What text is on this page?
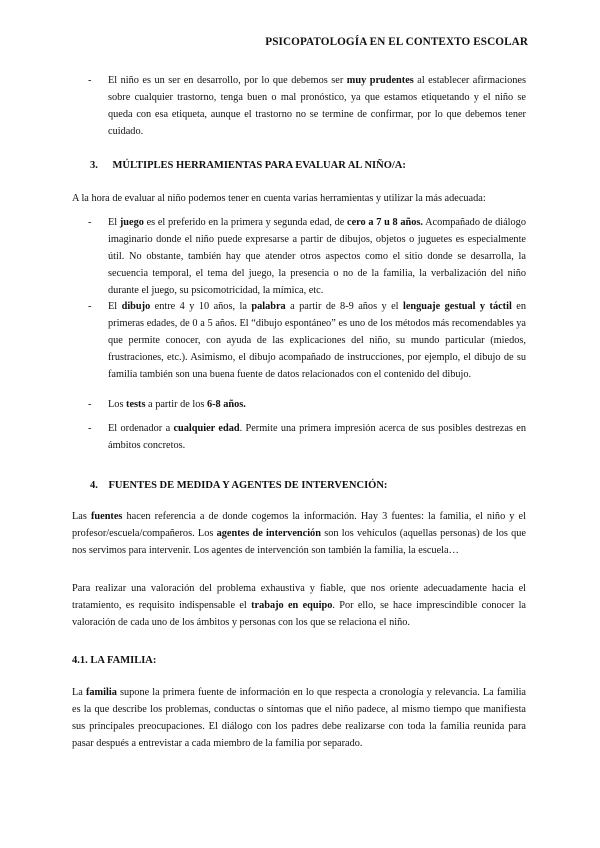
PSICOPATOLOGÍA EN EL CONTEXTO ESCOLAR
- El niño es un ser en desarrollo, por lo que debemos ser muy prudentes al establecer afirmaciones sobre cualquier trastorno, tenga buen o mal pronóstico, ya que estamos etiquetando y el niño se queda con esa etiqueta, aunque el trastorno no se termine de confirmar, por lo que debemos tener cuidado.
3. MÚLTIPLES HERRAMIENTAS PARA EVALUAR AL NIÑO/A:
A la hora de evaluar al niño podemos tener en cuenta varias herramientas y utilizar la más adecuada:
- El juego es el preferido en la primera y segunda edad, de cero a 7 u 8 años. Acompañado de diálogo imaginario donde el niño puede expresarse a partir de dibujos, objetos o juguetes es especialmente útil. No obstante, también hay que atender otros aspectos como el sitio donde se desarrolla, la secuencia temporal, el tema del juego, la presencia o no de la familia, la verbalización del niño durante el juego, su psicomotricidad, la mímica, etc.
- El dibujo entre 4 y 10 años, la palabra a partir de 8-9 años y el lenguaje gestual y táctil en primeras edades, de 0 a 5 años. El “dibujo espontáneo” es uno de los métodos más recomendables ya que permite conocer, con ayuda de las explicaciones del niño, su mundo particular (miedos, frustraciones, etc.). Asimismo, el dibujo acompañado de instrucciones, por ejemplo, el dibujo de su familia también son una buena fuente de datos relacionados con el contenido del dibujo.
- Los tests a partir de los 6-8 años.
- El ordenador a cualquier edad. Permite una primera impresión acerca de sus posibles destrezas en ámbitos concretos.
4. FUENTES DE MEDIDA Y AGENTES DE INTERVENCIÓN:
Las fuentes hacen referencia a de donde cogemos la información. Hay 3 fuentes: la familia, el niño y el profesor/escuela/compañeros. Los agentes de intervención son los vehículos (aquellas personas) de los que nos servimos para intervenir. Los agentes de intervención son también la familia, la escuela…
Para realizar una valoración del problema exhaustiva y fiable, que nos oriente adecuadamente hacia el tratamiento, es requisito indispensable el trabajo en equipo. Por ello, se hace imprescindible conocer la valoración de cada uno de los ámbitos y personas con los que se relaciona el niño.
4.1. LA FAMILIA:
La familia supone la primera fuente de información en lo que respecta a cronología y relevancia. La familia es la que describe los problemas, conductas o síntomas que el niño padece, al mismo tiempo que manifiesta sus principales preocupaciones. El diálogo con los padres debe realizarse con toda la familia reunida para pasar después a entrevistar a cada miembro de la familia por separado.
